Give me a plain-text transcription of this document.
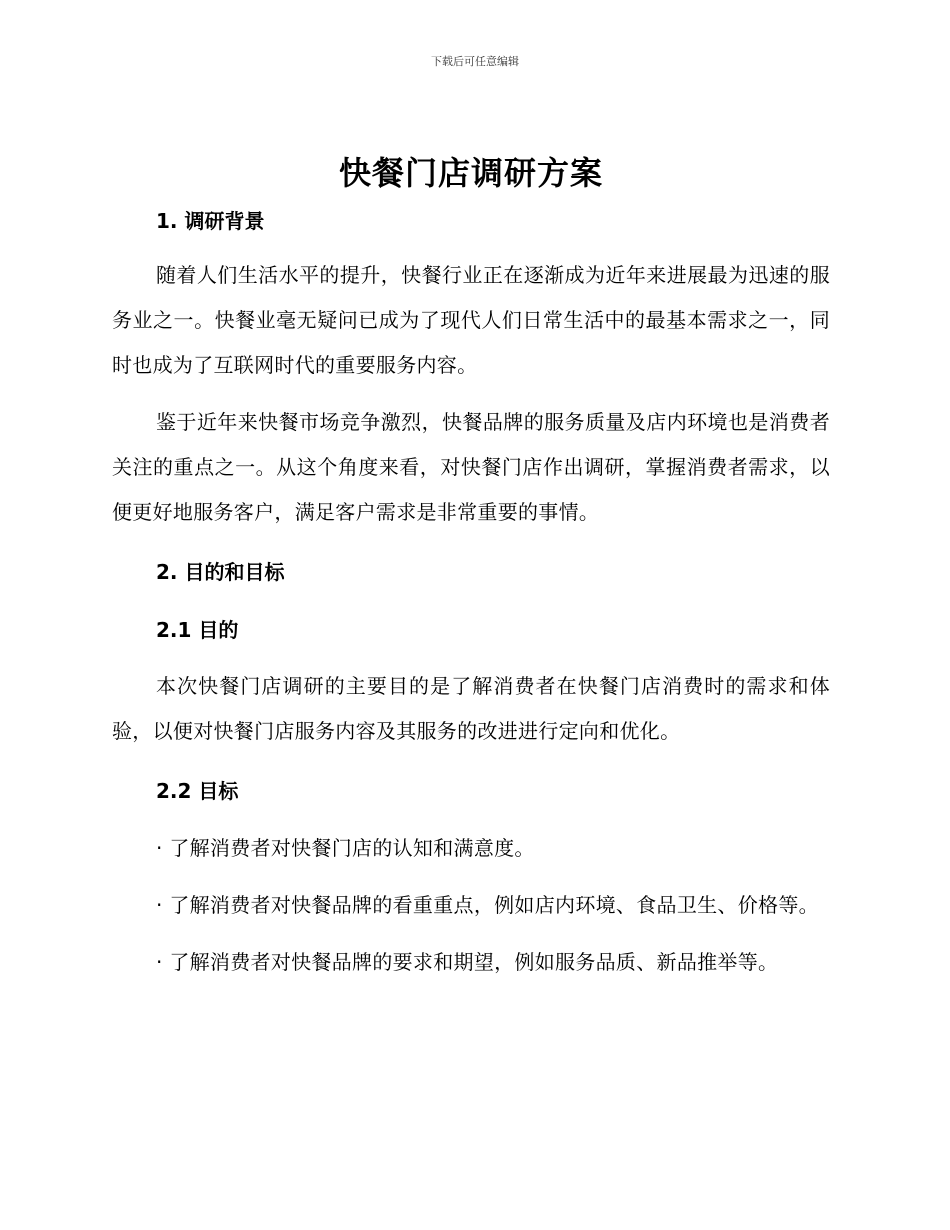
下载后可任意编辑
快餐门店调研方案
1. 调研背景

随着人们生活水平的提升，快餐行业正在逐渐成为近年来进展最为迅速的服务业之一。快餐业毫无疑问已成为了现代人们日常生活中的最基本需求之一，同时也成为了互联网时代的重要服务内容。

鉴于近年来快餐市场竞争激烈，快餐品牌的服务质量及店内环境也是消费者关注的重点之一。从这个角度来看，对快餐门店作出调研，掌握消费者需求，以便更好地服务客户，满足客户需求是非常重要的事情。

2. 目的和目标
2.1 目的

本次快餐门店调研的主要目的是了解消费者在快餐门店消费时的需求和体验，以便对快餐门店服务内容及其服务的改进进行定向和优化。

2.2 目标

· 了解消费者对快餐门店的认知和满意度。

· 了解消费者对快餐品牌的看重重点，例如店内环境、食品卫生、价格等。

· 了解消费者对快餐品牌的要求和期望，例如服务品质、新品推举等。
